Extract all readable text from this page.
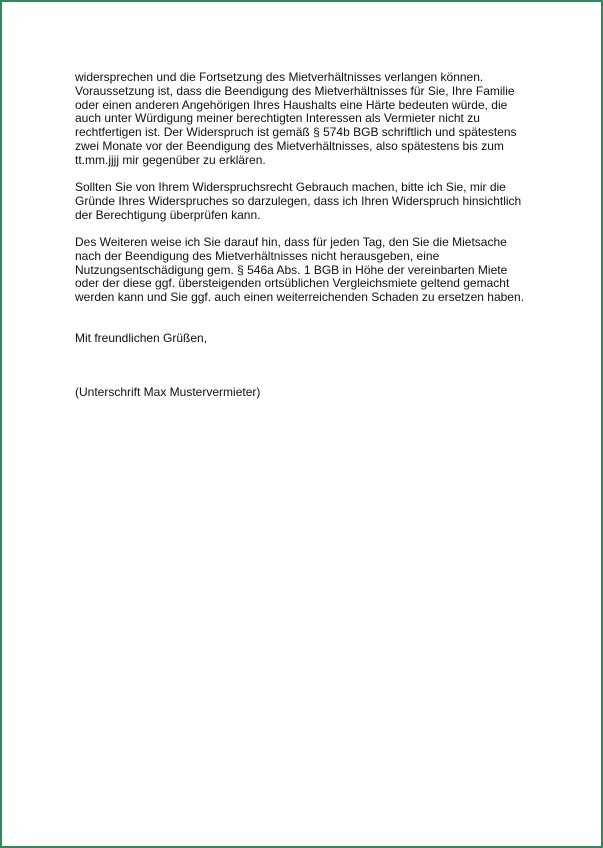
widersprechen und die Fortsetzung des Mietverhältnisses verlangen können.
Voraussetzung ist, dass die Beendigung des Mietverhältnisses für Sie, Ihre Familie
oder einen anderen Angehörigen Ihres Haushalts eine Härte bedeuten würde, die
auch unter Würdigung meiner berechtigten Interessen als Vermieter nicht zu
rechtfertigen ist. Der Widerspruch ist gemäß § 574b BGB schriftlich und spätestens
zwei Monate vor der Beendigung des Mietverhältnisses, also spätestens bis zum
tt.mm.jjjj mir gegenüber zu erklären.
Sollten Sie von Ihrem Widerspruchsrecht Gebrauch machen, bitte ich Sie, mir die
Gründe Ihres Widerspruches so darzulegen, dass ich Ihren Widerspruch hinsichtlich
der Berechtigung überprüfen kann.
Des Weiteren weise ich Sie darauf hin, dass für jeden Tag, den Sie die Mietsache
nach der Beendigung des Mietverhältnisses nicht herausgeben, eine
Nutzungsentschädigung gem. § 546a Abs. 1 BGB in Höhe der vereinbarten Miete
oder der diese ggf. übersteigenden ortsüblichen Vergleichsmiete geltend gemacht
werden kann und Sie ggf. auch einen weiterreichenden Schaden zu ersetzen haben.
Mit freundlichen Grüßen,
(Unterschrift Max Mustervermieter)
